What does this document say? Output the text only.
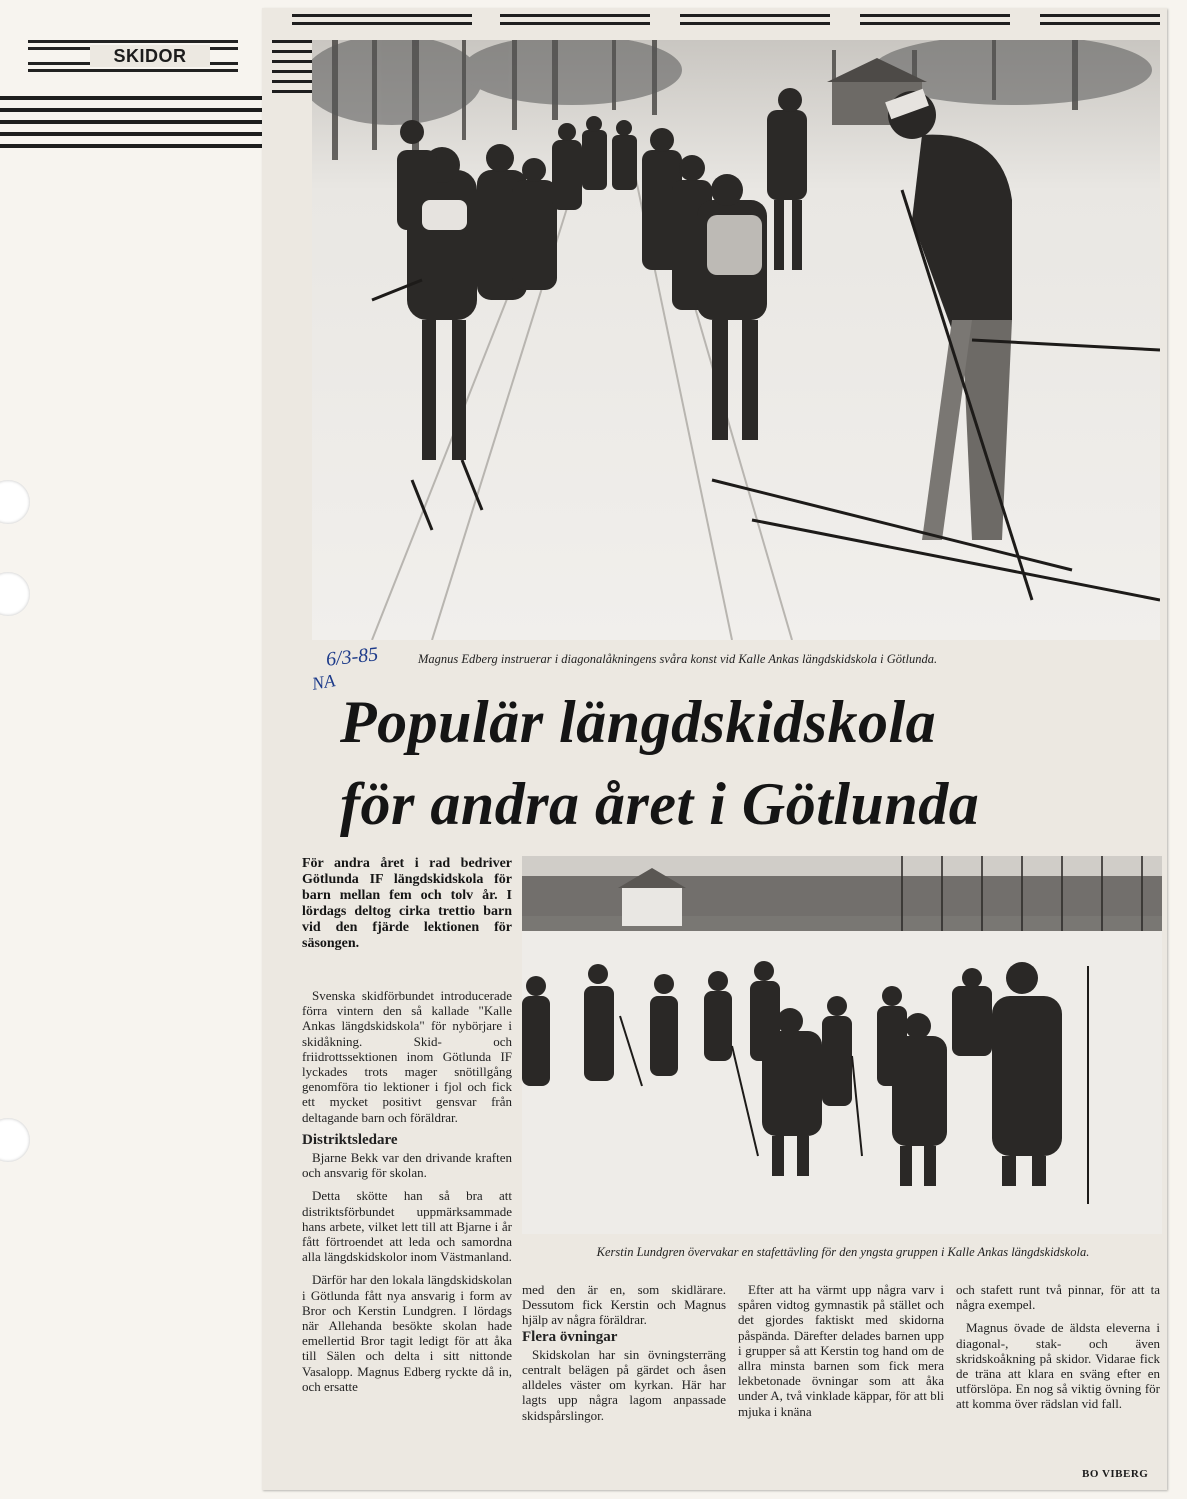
SKIDOR
6/3-85
NA
Magnus Edberg instruerar i diagonalåkningens svåra konst vid Kalle Ankas längdskidskola i Götlunda.
Populär längdskidskola
för andra året i Götlunda
För andra året i rad bedriver Götlunda IF längdskidskola för barn mellan fem och tolv år. I lördags deltog cirka trettio barn vid den fjärde lektionen för säsongen.

Svenska skidförbundet introducerade förra vintern den så kallade "Kalle Ankas längdskidskola" för nybörjare i skidåkning. Skid- och friidrottssektionen inom Götlunda IF lyckades trots mager snötillgång genomföra tio lektioner i fjol och fick ett mycket positivt gensvar från deltagande barn och föräldrar.

Distriktsledare

Bjarne Bekk var den drivande kraften och ansvarig för skolan.

Detta skötte han så bra att distriktsförbundet uppmärksammade hans arbete, vilket lett till att Bjarne i år fått förtroendet att leda och samordna alla längdskidskolor inom Västmanland.

Därför har den lokala längdskidskolan i Götlunda fått nya ansvarig i form av Bror och Kerstin Lundgren. I lördags när Allehanda besökte skolan hade emellertid Bror tagit ledigt för att åka till Sälen och delta i sitt nittonde Vasalopp. Magnus Edberg ryckte då in, och ersatte

Kerstin Lundgren övervakar en stafettävling för den yngsta gruppen i Kalle Ankas längdskidskola.

med den är en, som skidlärare. Dessutom fick Kerstin och Magnus hjälp av några föräldrar.

Flera övningar

Skidskolan har sin övningsterräng centralt belägen på gärdet och åsen alldeles väster om kyrkan. Här har lagts upp några lagom anpassade skidspårslingor.

Efter att ha värmt upp några varv i spåren vidtog gymnastik på stället och det gjordes faktiskt med skidorna påspända. Därefter delades barnen upp i grupper så att Kerstin tog hand om de allra minsta barnen som fick mera lekbetonade övningar som att åka under A, två vinklade käppar, för att bli mjuka i knäna

och stafett runt två pinnar, för att ta några exempel.

Magnus övade de äldsta eleverna i diagonal-, stak- och även skridskoåkning på skidor. Vidarae fick de träna att klara en sväng efter en utförslöpa. En nog så viktig övning för att komma över rädslan vid fall.

BO VIBERG
